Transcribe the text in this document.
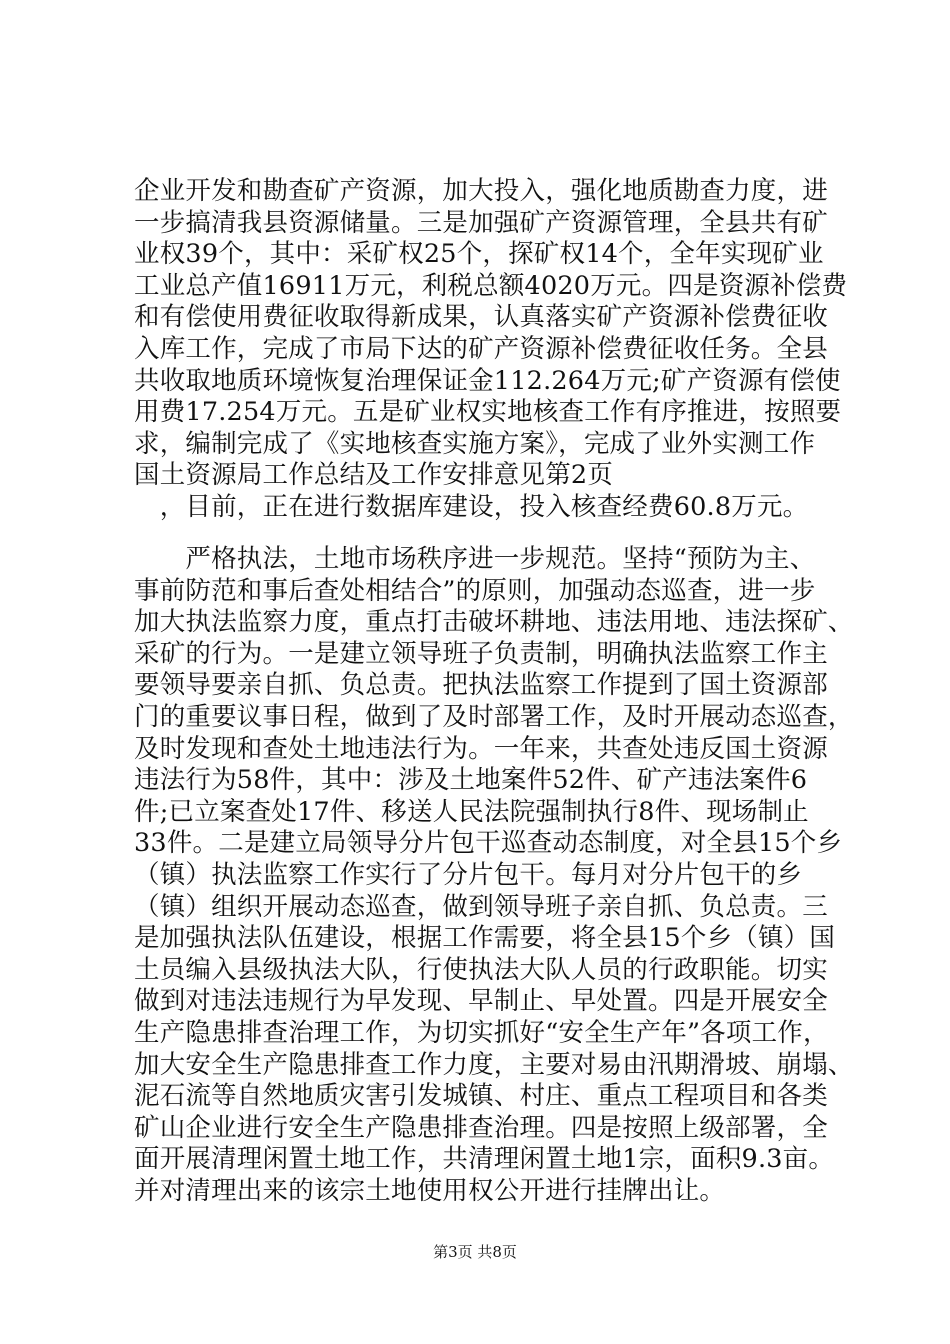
企业开发和勘查矿产资源，加大投入，强化地质勘查力度，进
一步搞清我县资源储量。三是加强矿产资源管理，全县共有矿
业权39个，其中：采矿权25个，探矿权14个，全年实现矿业
工业总产值16911万元，利税总额4020万元。四是资源补偿费
和有偿使用费征收取得新成果，认真落实矿产资源补偿费征收
入库工作，完成了市局下达的矿产资源补偿费征收任务。全县
共收取地质环境恢复治理保证金112.264万元;矿产资源有偿使
用费17.254万元。五是矿业权实地核查工作有序推进，按照要
求，编制完成了《实地核查实施方案》，完成了业外实测工作
国土资源局工作总结及工作安排意见第2页
　，目前，正在进行数据库建设，投入核查经费60.8万元。
　　严格执法，土地市场秩序进一步规范。坚持“预防为主、
事前防范和事后查处相结合”的原则，加强动态巡查，进一步
加大执法监察力度，重点打击破坏耕地、违法用地、违法探矿、
采矿的行为。一是建立领导班子负责制，明确执法监察工作主
要领导要亲自抓、负总责。把执法监察工作提到了国土资源部
门的重要议事日程，做到了及时部署工作，及时开展动态巡查，
及时发现和查处土地违法行为。一年来，共查处违反国土资源
违法行为58件，其中：涉及土地案件52件、矿产违法案件6
件;已立案查处17件、移送人民法院强制执行8件、现场制止
33件。二是建立局领导分片包干巡查动态制度，对全县15个乡
（镇）执法监察工作实行了分片包干。每月对分片包干的乡
（镇）组织开展动态巡查，做到领导班子亲自抓、负总责。三
是加强执法队伍建设，根据工作需要，将全县15个乡（镇）国
土员编入县级执法大队，行使执法大队人员的行政职能。切实
做到对违法违规行为早发现、早制止、早处置。四是开展安全
生产隐患排查治理工作，为切实抓好“安全生产年”各项工作，
加大安全生产隐患排查工作力度，主要对易由汛期滑坡、崩塌、
泥石流等自然地质灾害引发城镇、村庄、重点工程项目和各类
矿山企业进行安全生产隐患排查治理。四是按照上级部署，全
面开展清理闲置土地工作，共清理闲置土地1宗，面积9.3亩。
第3页 共8页
并对清理出来的该宗土地使用权公开进行挂牌出让。
